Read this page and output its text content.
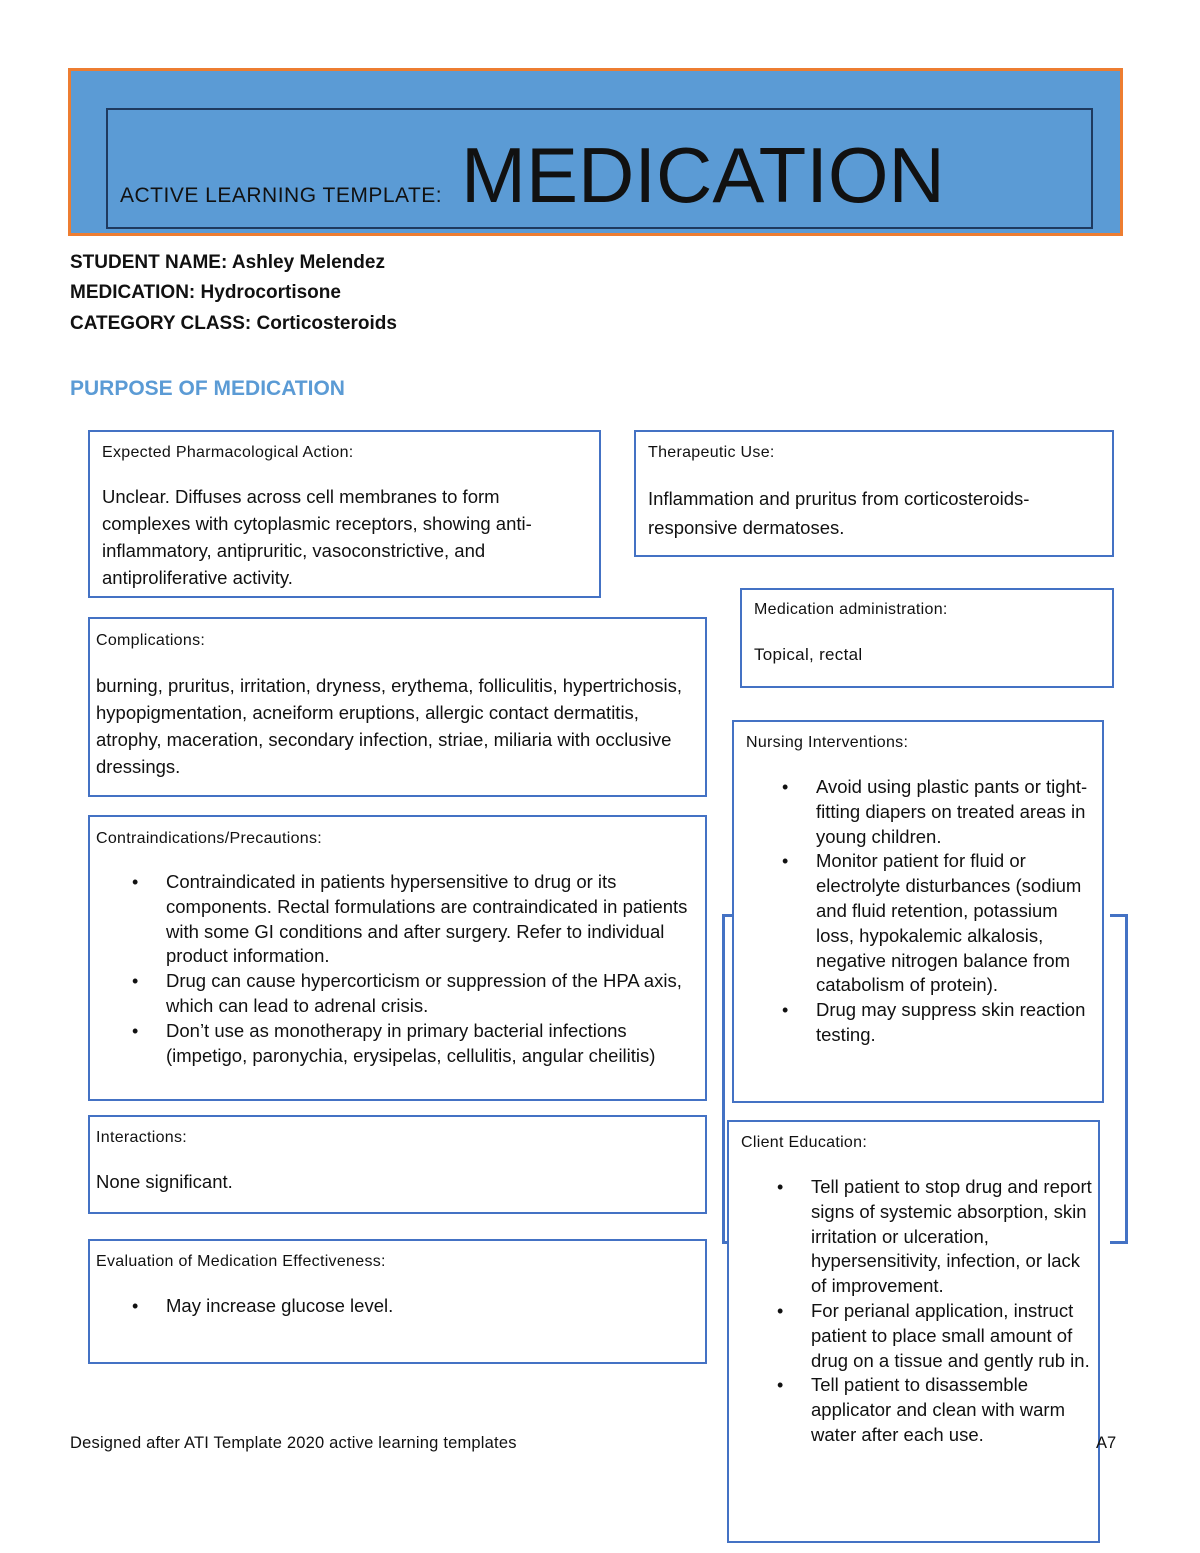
ACTIVE LEARNING TEMPLATE: MEDICATION
STUDENT NAME: Ashley Melendez
MEDICATION: Hydrocortisone
CATEGORY CLASS: Corticosteroids
PURPOSE OF MEDICATION
Expected Pharmacological Action:
Unclear. Diffuses across cell membranes to form complexes with cytoplasmic receptors, showing anti-inflammatory, antipruritic, vasoconstrictive, and antiproliferative activity.
Therapeutic Use:
Inflammation and pruritus from corticosteroids- responsive dermatoses.
Medication administration:
Topical, rectal
Complications:
burning, pruritus, irritation, dryness, erythema, folliculitis, hypertrichosis, hypopigmentation, acneiform eruptions, allergic contact dermatitis, atrophy, maceration, secondary infection, striae, miliaria with occlusive dressings.
Nursing Interventions:
• Avoid using plastic pants or tight-fitting diapers on treated areas in young children.
• Monitor patient for fluid or electrolyte disturbances (sodium and fluid retention, potassium loss, hypokalemic alkalosis, negative nitrogen balance from catabolism of protein).
• Drug may suppress skin reaction testing.
Contraindications/Precautions:
• Contraindicated in patients hypersensitive to drug or its components. Rectal formulations are contraindicated in patients with some GI conditions and after surgery. Refer to individual product information.
• Drug can cause hypercorticism or suppression of the HPA axis, which can lead to adrenal crisis.
• Don’t use as monotherapy in primary bacterial infections (impetigo, paronychia, erysipelas, cellulitis, angular cheilitis)
Interactions:
None significant.
Client Education:
• Tell patient to stop drug and report signs of systemic absorption, skin irritation or ulceration, hypersensitivity, infection, or lack of improvement.
• For perianal application, instruct patient to place small amount of drug on a tissue and gently rub in.
• Tell patient to disassemble applicator and clean with warm water after each use.
Evaluation of Medication Effectiveness:
• May increase glucose level.
Designed after ATI Template 2020 active learning templates	A7
